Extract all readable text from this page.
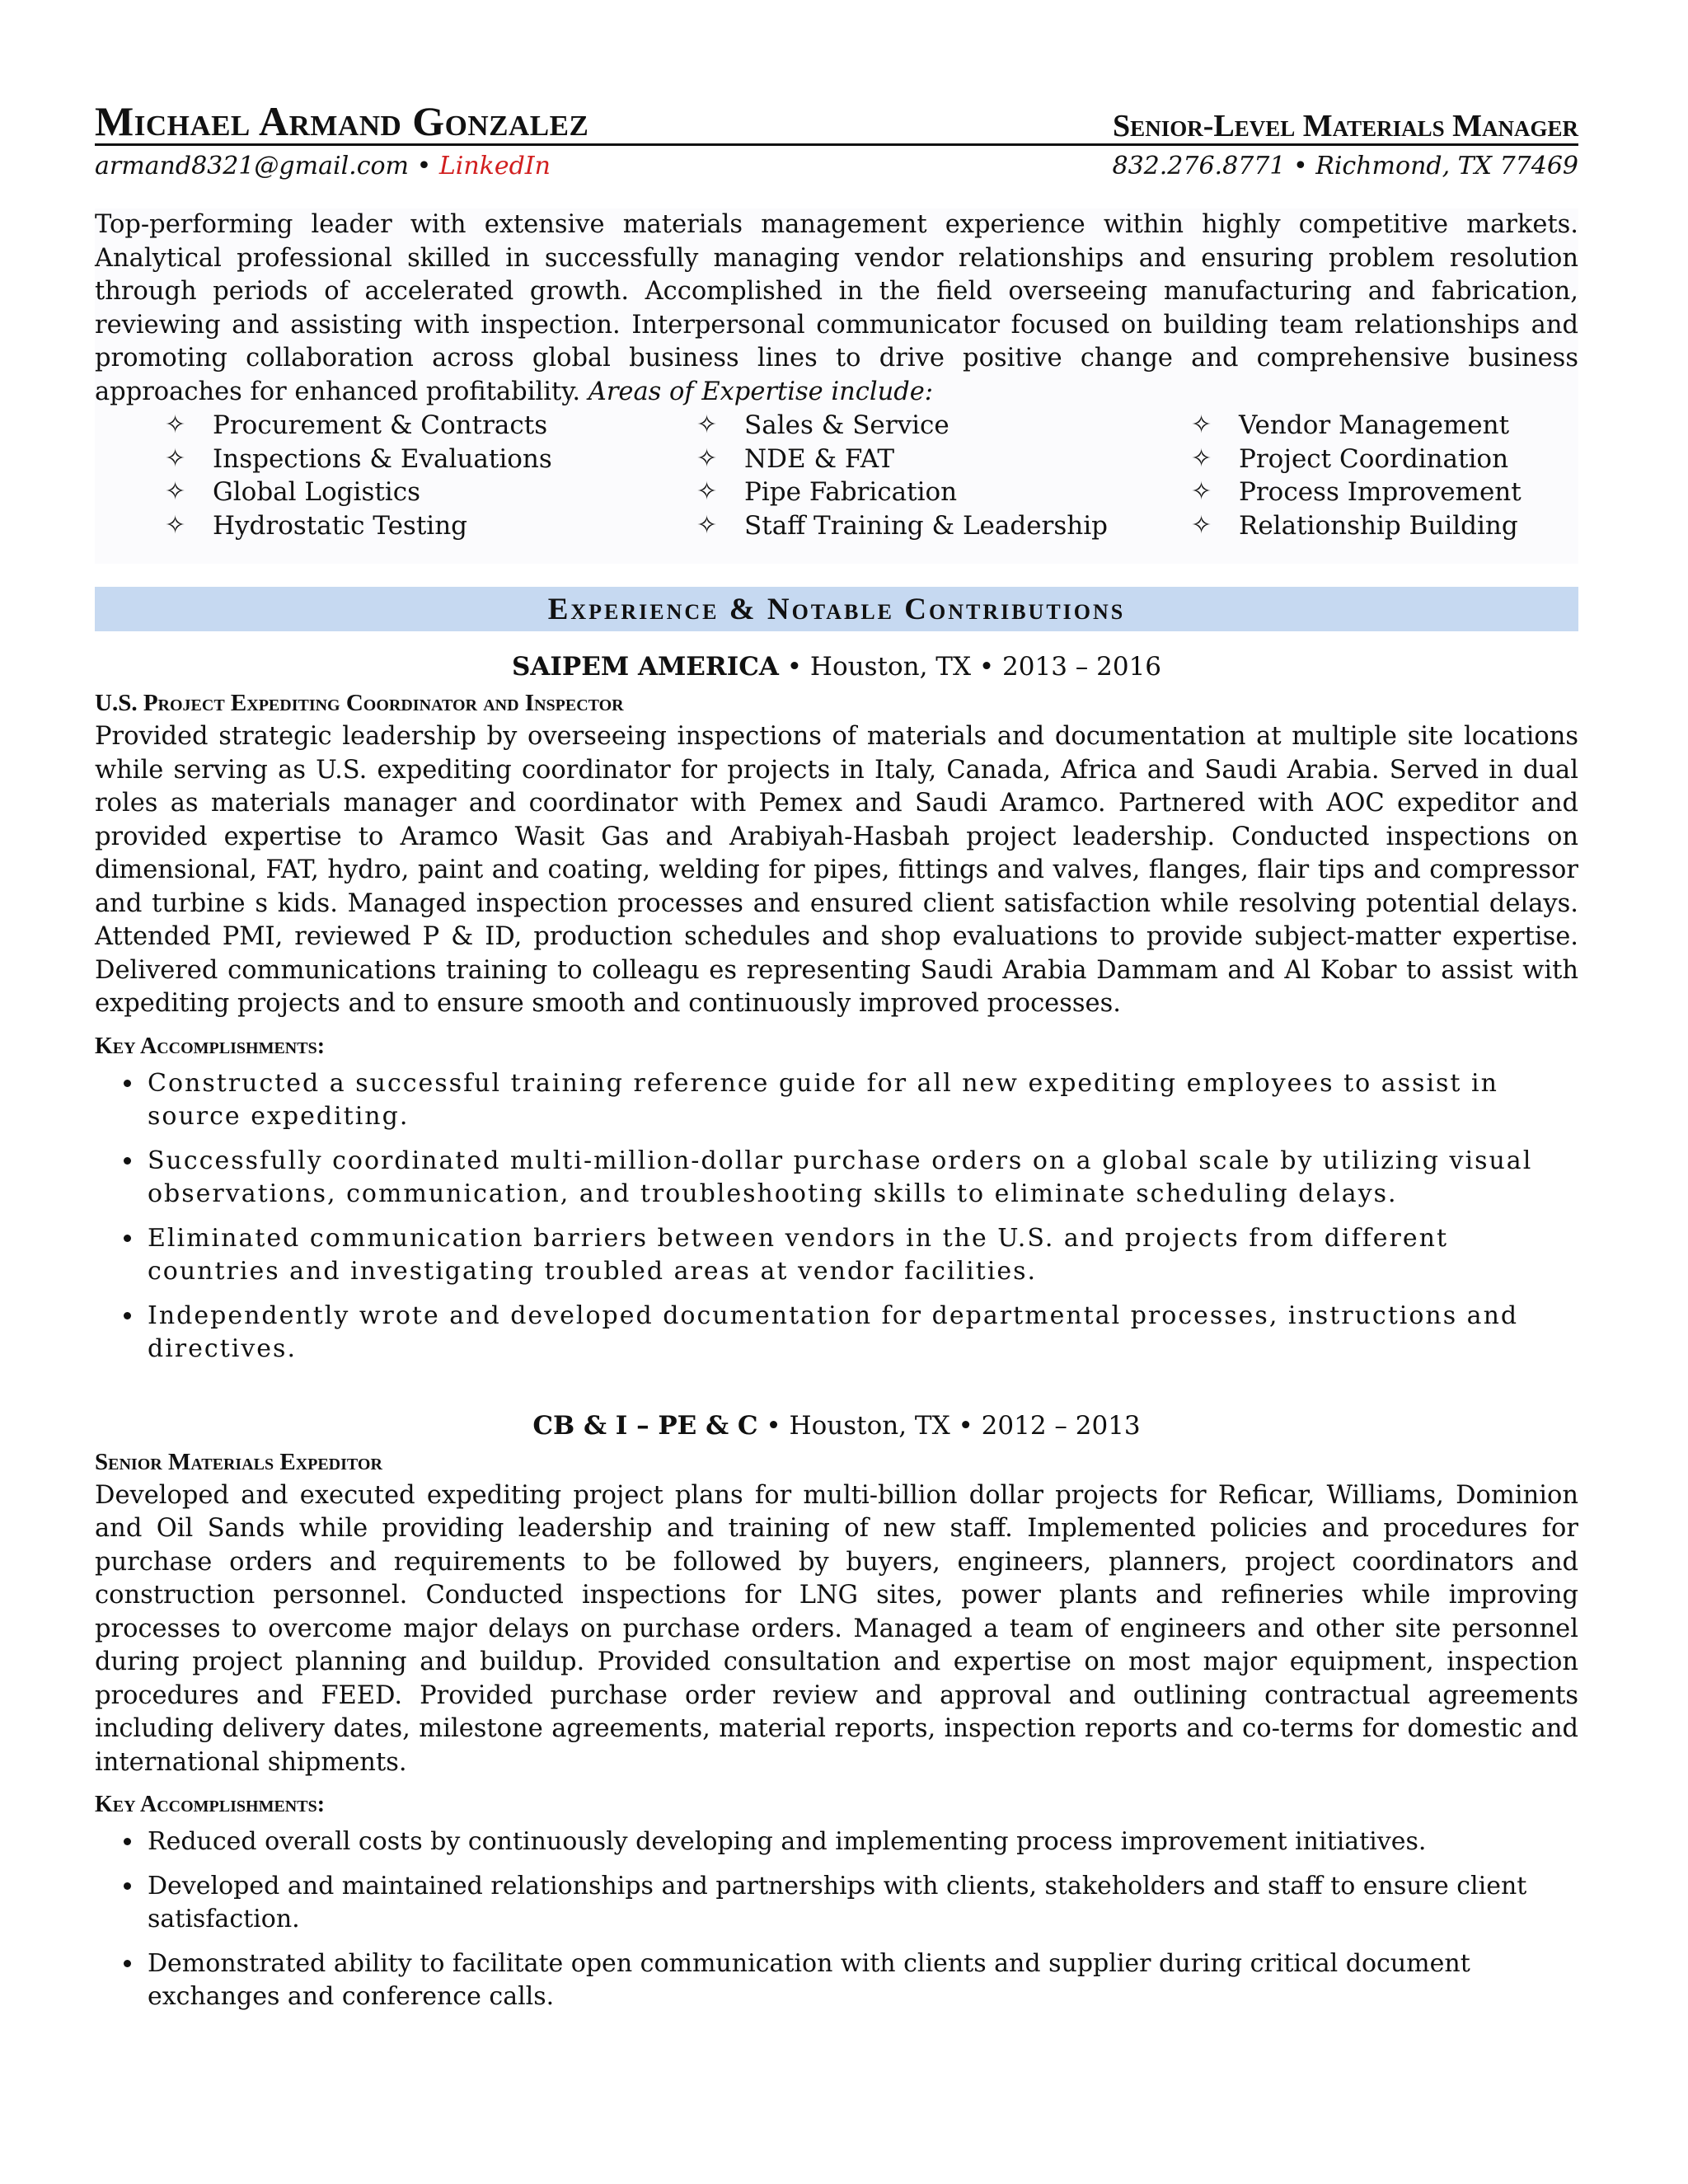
Michael Armand Gonzalez	Senior-Level Materials Manager
armand8321@gmail.com • LinkedIn	832.276.8771 • Richmond, TX 77469

Top-performing leader with extensive materials management experience within highly competitive markets. Analytical professional skilled in successfully managing vendor relationships and ensuring problem resolution through periods of accelerated growth. Accomplished in the field overseeing manufacturing and fabrication, reviewing and assisting with inspection. Interpersonal communicator focused on building team relationships and promoting collaboration across global business lines to drive positive change and comprehensive business approaches for enhanced profitability. Areas of Expertise include:

✧	Procurement & Contracts	✧	Sales & Service	✧	Vendor Management
✧	Inspections & Evaluations	✧	NDE & FAT	✧	Project Coordination
✧	Global Logistics	✧	Pipe Fabrication	✧	Process Improvement
✧	Hydrostatic Testing	✧	Staff Training & Leadership	✧	Relationship Building
Experience & Notable Contributions
SAIPEM AMERICA • Houston, TX • 2013 – 2016
U.S. Project Expediting Coordinator and Inspector

Provided strategic leadership by overseeing inspections of materials and documentation at multiple site locations while serving as U.S. expediting coordinator for projects in Italy, Canada, Africa and Saudi Arabia. Served in dual roles as materials manager and coordinator with Pemex and Saudi Aramco. Partnered with AOC expeditor and provided expertise to Aramco Wasit Gas and Arabiyah-Hasbah project leadership. Conducted inspections on dimensional, FAT, hydro, paint and coating, welding for pipes, fittings and valves, flanges, flair tips and compressor and turbine s kids. Managed inspection processes and ensured client satisfaction while resolving potential delays. Attended PMI, reviewed P & ID, production schedules and shop evaluations to provide subject-matter expertise. Delivered communications training to colleagu es representing Saudi Arabia Dammam and Al Kobar to assist with expediting projects and to ensure smooth and continuously improved processes.

Key Accomplishments:
• Constructed a successful training reference guide for all new expediting employees to assist in source expediting.
• Successfully coordinated multi-million-dollar purchase orders on a global scale by utilizing visual observations, communication, and troubleshooting skills to eliminate scheduling delays.
• Eliminated communication barriers between vendors in the U.S. and projects from different countries and investigating troubled areas at vendor facilities.
• Independently wrote and developed documentation for departmental processes, instructions and directives.
CB & I – PE & C • Houston, TX • 2012 – 2013
Senior Materials Expeditor

Developed and executed expediting project plans for multi-billion dollar projects for Reficar, Williams, Dominion and Oil Sands while providing leadership and training of new staff. Implemented policies and procedures for purchase orders and requirements to be followed by buyers, engineers, planners, project coordinators and construction personnel. Conducted inspections for LNG sites, power plants and refineries while improving processes to overcome major delays on purchase orders. Managed a team of engineers and other site personnel during project planning and buildup. Provided consultation and expertise on most major equipment, inspection procedures and FEED. Provided purchase order review and approval and outlining contractual agreements including delivery dates, milestone agreements, material reports, inspection reports and co-terms for domestic and international shipments.

Key Accomplishments:
• Reduced overall costs by continuously developing and implementing process improvement initiatives.
• Developed and maintained relationships and partnerships with clients, stakeholders and staff to ensure client satisfaction.
• Demonstrated ability to facilitate open communication with clients and supplier during critical document exchanges and conference calls.
